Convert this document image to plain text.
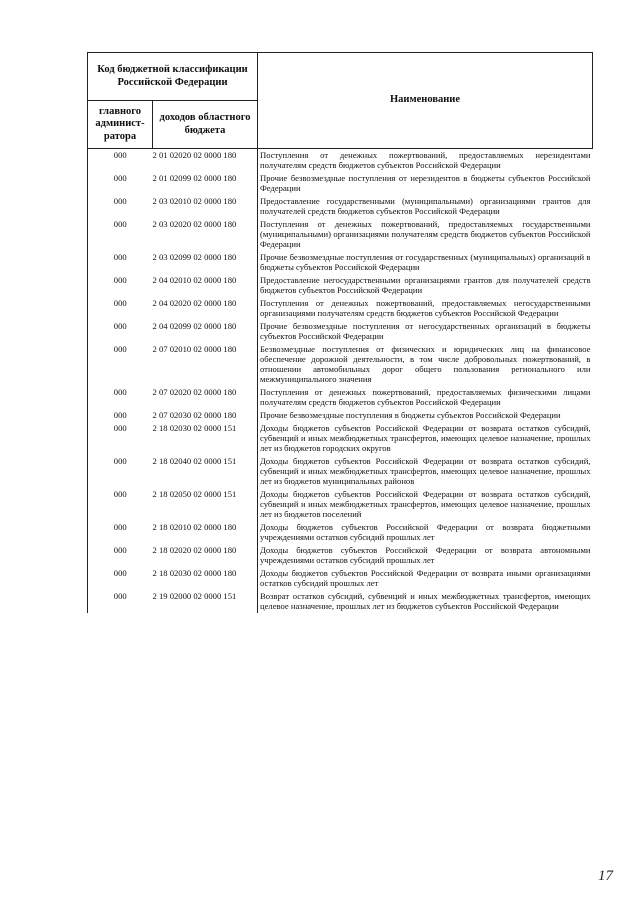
Код бюджетной классификации Российской Федерации		Наименование
главного админист-ратора	доходов областного бюджета	
000	2 01 02020 02 0000 180	Поступления от денежных пожертвований, предоставляемых нерезидентами получателям средств бюджетов субъектов Российской Федерации
000	2 01 02099 02 0000 180	Прочие безвозмездные поступления от нерезидентов в бюджеты субъектов Российской Федерации
000	2 03 02010 02 0000 180	Предоставление государственными (муниципальными) организациями грантов для получателей средств бюджетов субъектов Российской Федерации
000	2 03 02020 02 0000 180	Поступления от денежных пожертвований, предоставляемых государственными (муниципальными) организациями получателям средств бюджетов субъектов Российской Федерации
000	2 03 02099 02 0000 180	Прочие безвозмездные поступления от государственных (муниципальных) организаций в бюджеты субъектов Российской Федерации
000	2 04 02010 02 0000 180	Предоставление негосударственными организациями грантов для получателей средств бюджетов субъектов Российской Федерации
000	2 04 02020 02 0000 180	Поступления от денежных пожертвований, предоставляемых негосударственными организациями получателям средств бюджетов субъектов Российской Федерации
000	2 04 02099 02 0000 180	Прочие безвозмездные поступления от негосударственных организаций в бюджеты субъектов Российской Федерации
000	2 07 02010 02 0000 180	Безвозмездные поступления от физических и юридических лиц на финансовое обеспечение дорожной деятельности, в том числе добровольных пожертвований, в отношении автомобильных дорог общего пользования регионального или межмуниципального значения
000	2 07 02020 02 0000 180	Поступления от денежных пожертвований, предоставляемых физическими лицами получателям средств бюджетов субъектов Российской Федерации
000	2 07 02030 02 0000 180	Прочие безвозмездные поступления в бюджеты субъектов Российской Федерации
000	2 18 02030 02 0000 151	Доходы бюджетов субъектов Российской Федерации от возврата остатков субсидий, субвенций и иных межбюджетных трансфертов, имеющих целевое назначение, прошлых лет из бюджетов городских округов
000	2 18 02040 02 0000 151	Доходы бюджетов субъектов Российской Федерации от возврата остатков субсидий, субвенций и иных межбюджетных трансфертов, имеющих целевое назначение, прошлых лет из бюджетов муниципальных районов
000	2 18 02050 02 0000 151	Доходы бюджетов субъектов Российской Федерации от возврата остатков субсидий, субвенций и иных межбюджетных трансфертов, имеющих целевое назначение, прошлых лет из бюджетов поселений
000	2 18 02010 02 0000 180	Доходы бюджетов субъектов Российской Федерации от возврата бюджетными учреждениями остатков субсидий прошлых лет
000	2 18 02020 02 0000 180	Доходы бюджетов субъектов Российской Федерации от возврата автономными учреждениями остатков субсидий прошлых лет
000	2 18 02030 02 0000 180	Доходы бюджетов субъектов Российской Федерации от возврата иными организациями остатков субсидий прошлых лет
000	2 19 02000 02 0000 151	Возврат остатков субсидий, субвенций и иных межбюджетных трансфертов, имеющих целевое назначение, прошлых лет из бюджетов субъектов Российской Федерации
17
